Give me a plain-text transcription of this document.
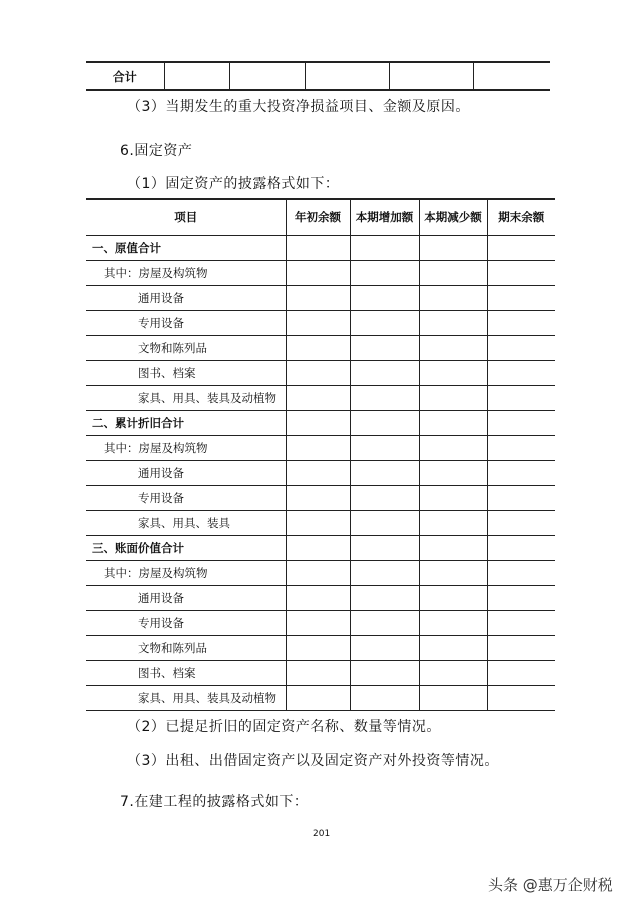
合计					
（3）当期发生的重大投资净损益项目、金额及原因。
6.固定资产
（1）固定资产的披露格式如下：
项目	年初余额	本期增加额	本期减少额	期末余额
一、原值合计				
其中：房屋及构筑物				
通用设备				
专用设备				
文物和陈列品				
图书、档案				
家具、用具、装具及动植物				
二、累计折旧合计				
其中：房屋及构筑物				
通用设备				
专用设备				
家具、用具、装具				
三、账面价值合计				
其中：房屋及构筑物				
通用设备				
专用设备				
文物和陈列品				
图书、档案				
家具、用具、装具及动植物				
（2）已提足折旧的固定资产名称、数量等情况。
（3）出租、出借固定资产以及固定资产对外投资等情况。
7.在建工程的披露格式如下：
201
头条 @惠万企财税
